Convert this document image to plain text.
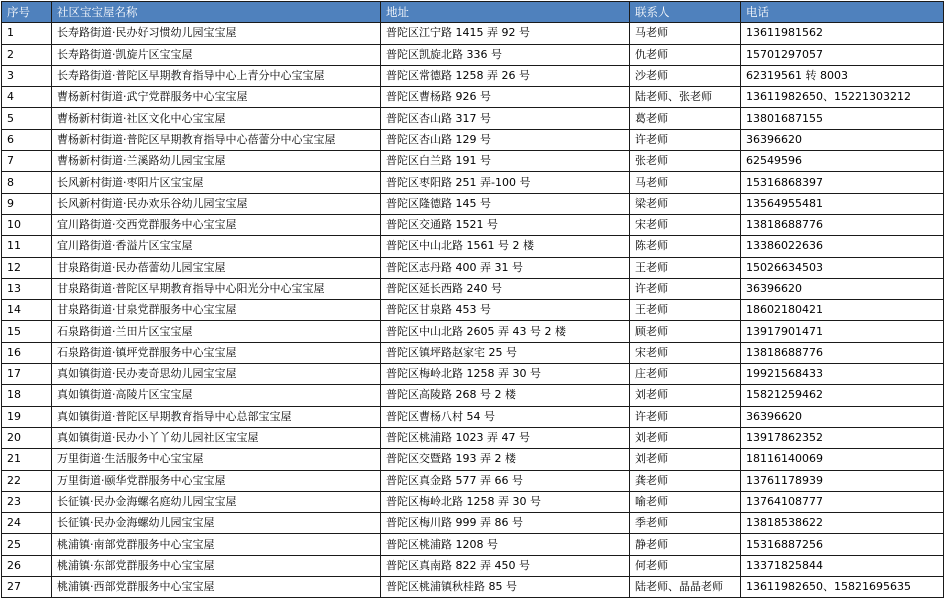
序号	社区宝宝屋名称	地址	联系人	电话
1	长寿路街道·民办好习惯幼儿园宝宝屋	普陀区江宁路 1415 弄 92 号	马老师	13611981562
2	长寿路街道·凯旋片区宝宝屋	普陀区凯旋北路 336 号	仇老师	15701297057
3	长寿路街道·普陀区早期教育指导中心上青分中心宝宝屋	普陀区常德路 1258 弄 26 号	沙老师	62319561 转 8003
4	曹杨新村街道·武宁党群服务中心宝宝屋	普陀区曹杨路 926 号	陆老师、张老师	13611982650、15221303212
5	曹杨新村街道·社区文化中心宝宝屋	普陀区杏山路 317 号	葛老师	13801687155
6	曹杨新村街道·普陀区早期教育指导中心蓓蕾分中心宝宝屋	普陀区杏山路 129 号	许老师	36396620
7	曹杨新村街道·兰溪路幼儿园宝宝屋	普陀区白兰路 191 号	张老师	62549596
8	长风新村街道·枣阳片区宝宝屋	普陀区枣阳路 251 弄-100 号	马老师	15316868397
9	长风新村街道·民办欢乐谷幼儿园宝宝屋	普陀区隆德路 145 号	梁老师	13564955481
10	宜川路街道·交西党群服务中心宝宝屋	普陀区交通路 1521 号	宋老师	13818688776
11	宜川路街道·香溢片区宝宝屋	普陀区中山北路 1561 号 2 楼	陈老师	13386022636
12	甘泉路街道·民办蓓蕾幼儿园宝宝屋	普陀区志丹路 400 弄 31 号	王老师	15026634503
13	甘泉路街道·普陀区早期教育指导中心阳光分中心宝宝屋	普陀区延长西路 240 号	许老师	36396620
14	甘泉路街道·甘泉党群服务中心宝宝屋	普陀区甘泉路 453 号	王老师	18602180421
15	石泉路街道·兰田片区宝宝屋	普陀区中山北路 2605 弄 43 号 2 楼	顾老师	13917901471
16	石泉路街道·镇坪党群服务中心宝宝屋	普陀区镇坪路赵家宅 25 号	宋老师	13818688776
17	真如镇街道·民办麦奇思幼儿园宝宝屋	普陀区梅岭北路 1258 弄 30 号	庄老师	19921568433
18	真如镇街道·高陵片区宝宝屋	普陀区高陵路 268 号 2 楼	刘老师	15821259462
19	真如镇街道·普陀区早期教育指导中心总部宝宝屋	普陀区曹杨八村 54 号	许老师	36396620
20	真如镇街道·民办小丫丫幼儿园社区宝宝屋	普陀区桃浦路 1023 弄 47 号	刘老师	13917862352
21	万里街道·生活服务中心宝宝屋	普陀区交暨路 193 弄 2 楼	刘老师	18116140069
22	万里街道·颐华党群服务中心宝宝屋	普陀区真金路 577 弄 66 号	龚老师	13761178939
23	长征镇·民办金海螺名庭幼儿园宝宝屋	普陀区梅岭北路 1258 弄 30 号	喻老师	13764108777
24	长征镇·民办金海螺幼儿园宝宝屋	普陀区梅川路 999 弄 86 号	季老师	13818538622
25	桃浦镇·南部党群服务中心宝宝屋	普陀区桃浦路 1208 号	静老师	15316887256
26	桃浦镇·东部党群服务中心宝宝屋	普陀区真南路 822 弄 450 号	何老师	13371825844
27	桃浦镇·西部党群服务中心宝宝屋	普陀区桃浦镇秋桂路 85 号	陆老师、晶晶老师	13611982650、15821695635
